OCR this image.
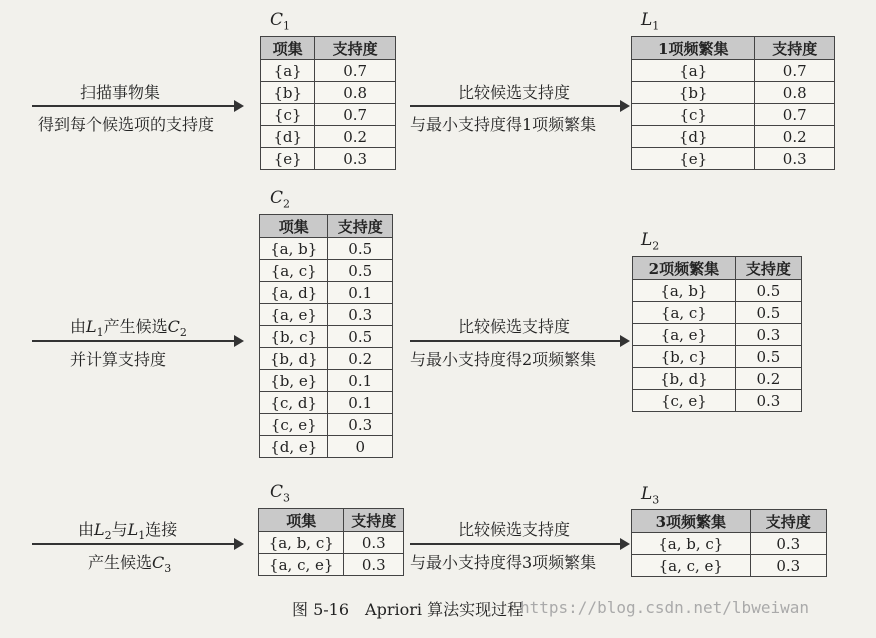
$C_1$	$L_1$
$C_2$
$L_2$
$C_3$	$L_3$
项集	支持度
{a}	0.7
{b}	0.8
{c}	0.7
{d}	0.2
{e}	0.3
1项频繁集	支持度
{a}	0.7
{b}	0.8
{c}	0.7
{d}	0.2
{e}	0.3
项集	支持度
{a, b}	0.5
{a, c}	0.5
{a, d}	0.1
{a, e}	0.3
{b, c}	0.5
{b, d}	0.2
{b, e}	0.1
{c, d}	0.1
{c, e}	0.3
{d, e}	0
2项频繁集	支持度
{a, b}	0.5
{a, c}	0.5
{a, e}	0.3
{b, c}	0.5
{b, d}	0.2
{c, e}	0.3
项集	支持度
{a, b, c}	0.3
{a, c, e}	0.3
3项频繁集	支持度
{a, b, c}	0.3
{a, c, e}	0.3
扫描事物集
得到每个候选项的支持度
比较候选支持度
与最小支持度得1项频繁集
由$L_1$产生候选$C_2$
并计算支持度
比较候选支持度
与最小支持度得2项频繁集
由$L_2$与$L_1$连接
产生候选$C_3$
比较候选支持度
与最小支持度得3项频繁集
图 5-16　Apriori 算法实现过程
https://blog.csdn.net/lbweiwan
